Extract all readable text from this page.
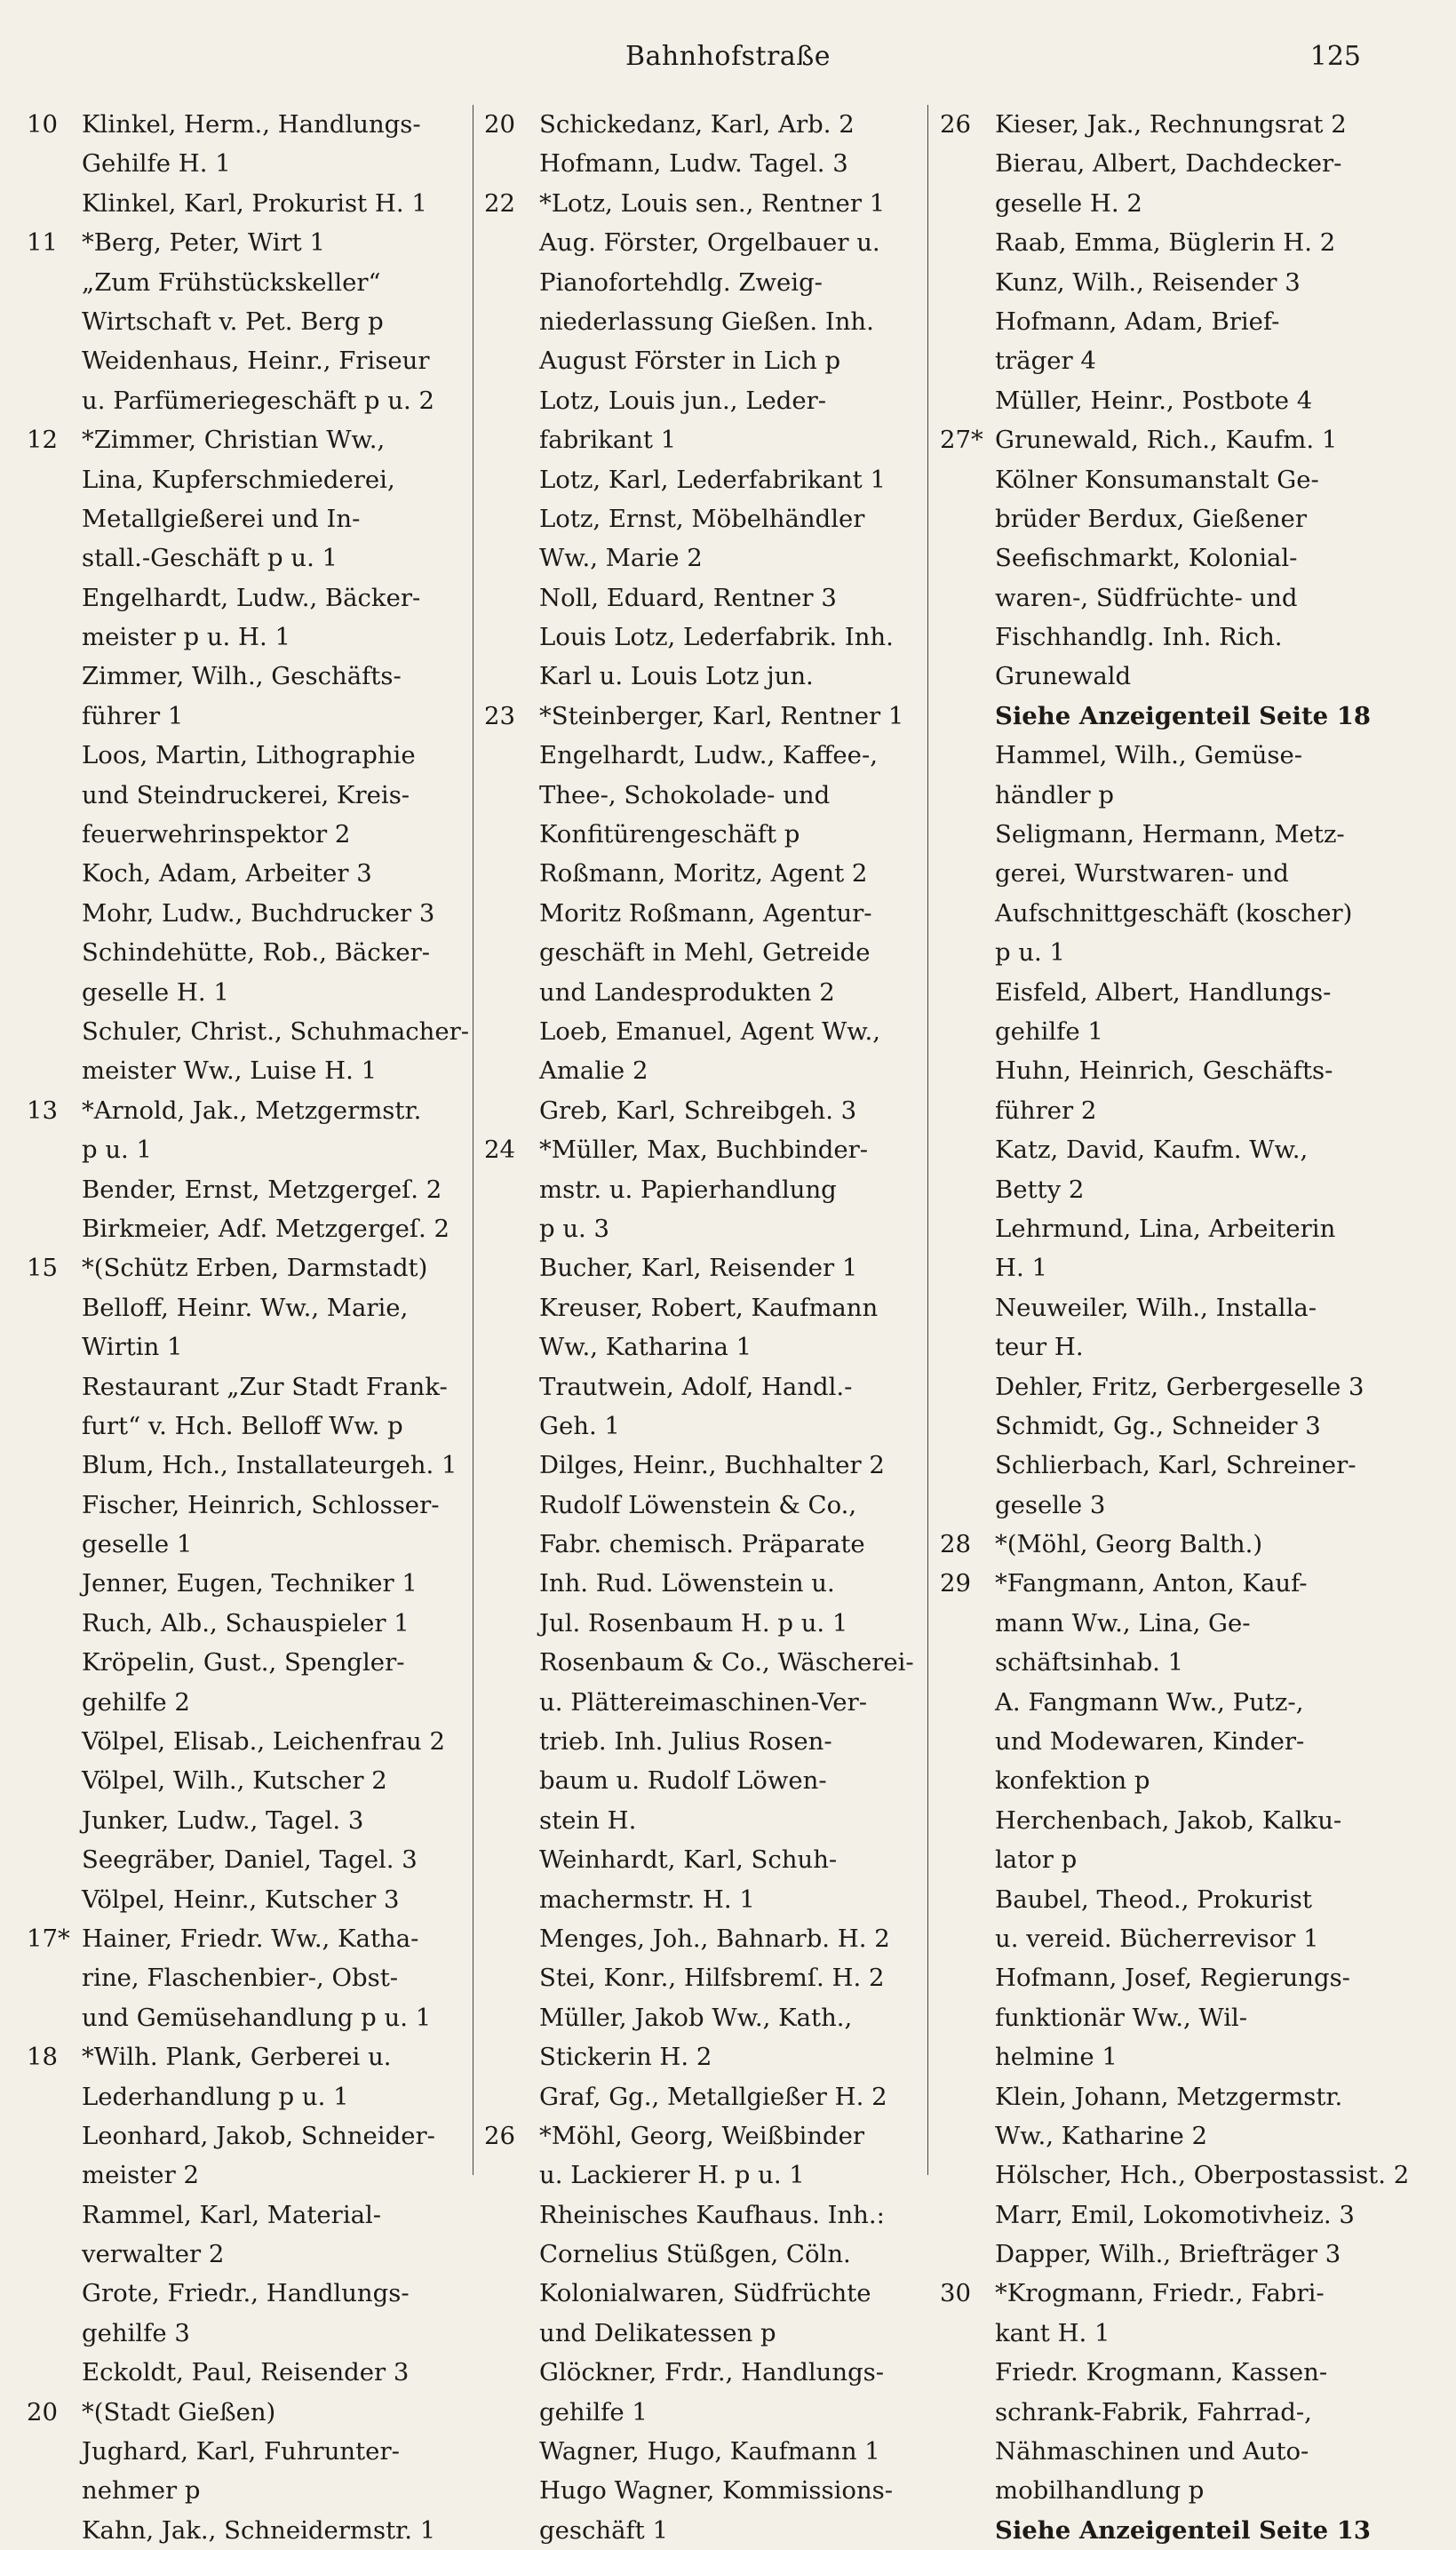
Bahnhofstraße	125
10 Klinkel, Herm., Handlungs-
Gehilfe H. 1
Klinkel, Karl, Prokurist H. 1
11 *Berg, Peter, Wirt 1
„Zum Frühstückskeller“
Wirtschaft v. Pet. Berg p
Weidenhaus, Heinr., Friseur
u. Parfümeriegeschäft p u. 2
12 *Zimmer, Christian Ww.,
Lina, Kupferschmiederei,
Metallgießerei und In-
stall.-Geschäft p u. 1
Engelhardt, Ludw., Bäcker-
meister p u. H. 1
Zimmer, Wilh., Geschäfts-
führer 1
Loos, Martin, Lithographie
und Steindruckerei, Kreis-
feuerwehrinspektor 2
Koch, Adam, Arbeiter 3
Mohr, Ludw., Buchdrucker 3
Schindehütte, Rob., Bäcker-
geselle H. 1
Schuler, Christ., Schuhmacher-
meister Ww., Luise H. 1
13 *Arnold, Jak., Metzgermstr.
p u. 1
Bender, Ernst, Metzgergeſ. 2
Birkmeier, Adf. Metzgergeſ. 2
15 *(Schütz Erben, Darmstadt)
Belloff, Heinr. Ww., Marie,
Wirtin 1
Restaurant „Zur Stadt Frank-
furt“ v. Hch. Belloff Ww. p
Blum, Hch., Installateurgeh. 1
Fischer, Heinrich, Schlosser-
geselle 1
Jenner, Eugen, Techniker 1
Ruch, Alb., Schauspieler 1
Kröpelin, Gust., Spengler-
gehilfe 2
Völpel, Elisab., Leichenfrau 2
Völpel, Wilh., Kutscher 2
Junker, Ludw., Tagel. 3
Seegräber, Daniel, Tagel. 3
Völpel, Heinr., Kutscher 3
17* Hainer, Friedr. Ww., Katha-
rine, Flaschenbier-, Obst-
und Gemüsehandlung p u. 1
18 *Wilh. Plank, Gerberei u.
Lederhandlung p u. 1
Leonhard, Jakob, Schneider-
meister 2
Rammel, Karl, Material-
verwalter 2
Grote, Friedr., Handlungs-
gehilfe 3
Eckoldt, Paul, Reisender 3
20 *(Stadt Gießen)
Jughard, Karl, Fuhrunter-
nehmer p
Kahn, Jak., Schneidermstr. 1
20 Schickedanz, Karl, Arb. 2
Hofmann, Ludw. Tagel. 3
22 *Lotz, Louis sen., Rentner 1
Aug. Förster, Orgelbauer u.
Pianofortehdlg. Zweig-
niederlassung Gießen. Inh.
August Förster in Lich p
Lotz, Louis jun., Leder-
fabrikant 1
Lotz, Karl, Lederfabrikant 1
Lotz, Ernst, Möbelhändler
Ww., Marie 2
Noll, Eduard, Rentner 3
Louis Lotz, Lederfabrik. Inh.
Karl u. Louis Lotz jun.
23 *Steinberger, Karl, Rentner 1
Engelhardt, Ludw., Kaffee-,
Thee-, Schokolade- und
Konfitürengeschäft p
Roßmann, Moritz, Agent 2
Moritz Roßmann, Agentur-
geschäft in Mehl, Getreide
und Landesprodukten 2
Loeb, Emanuel, Agent Ww.,
Amalie 2
Greb, Karl, Schreibgeh. 3
24 *Müller, Max, Buchbinder-
mstr. u. Papierhandlung
p u. 3
Bucher, Karl, Reisender 1
Kreuser, Robert, Kaufmann
Ww., Katharina 1
Trautwein, Adolf, Handl.-
Geh. 1
Dilges, Heinr., Buchhalter 2
Rudolf Löwenstein & Co.,
Fabr. chemisch. Präparate
Inh. Rud. Löwenstein u.
Jul. Rosenbaum H. p u. 1
Rosenbaum & Co., Wäscherei-
u. Plättereimaschinen-Ver-
trieb. Inh. Julius Rosen-
baum u. Rudolf Löwen-
stein H.
Weinhardt, Karl, Schuh-
machermstr. H. 1
Menges, Joh., Bahnarb. H. 2
Stei, Konr., Hilfsbremſ. H. 2
Müller, Jakob Ww., Kath.,
Stickerin H. 2
Graf, Gg., Metallgießer H. 2
26 *Möhl, Georg, Weißbinder
u. Lackierer H. p u. 1
Rheinisches Kaufhaus. Inh.:
Cornelius Stüßgen, Cöln.
Kolonialwaren, Südfrüchte
und Delikatessen p
Glöckner, Frdr., Handlungs-
gehilfe 1
Wagner, Hugo, Kaufmann 1
Hugo Wagner, Kommissions-
geschäft 1
26 Kieser, Jak., Rechnungsrat 2
Bierau, Albert, Dachdecker-
geselle H. 2
Raab, Emma, Büglerin H. 2
Kunz, Wilh., Reisender 3
Hofmann, Adam, Brief-
träger 4
Müller, Heinr., Postbote 4
27* Grunewald, Rich., Kaufm. 1
Kölner Konsumanstalt Ge-
brüder Berdux, Gießener
Seefischmarkt, Kolonial-
waren-, Südfrüchte- und
Fischhandlg. Inh. Rich.
Grunewald
Siehe Anzeigenteil Seite 18
Hammel, Wilh., Gemüse-
händler p
Seligmann, Hermann, Metz-
gerei, Wurstwaren- und
Aufschnittgeschäft (koscher)
p u. 1
Eisfeld, Albert, Handlungs-
gehilfe 1
Huhn, Heinrich, Geschäfts-
führer 2
Katz, David, Kaufm. Ww.,
Betty 2
Lehrmund, Lina, Arbeiterin
H. 1
Neuweiler, Wilh., Installa-
teur H.
Dehler, Fritz, Gerbergeselle 3
Schmidt, Gg., Schneider 3
Schlierbach, Karl, Schreiner-
geselle 3
28 *(Möhl, Georg Balth.)
29 *Fangmann, Anton, Kauf-
mann Ww., Lina, Ge-
schäftsinhab. 1
A. Fangmann Ww., Putz-,
und Modewaren, Kinder-
konfektion p
Herchenbach, Jakob, Kalku-
lator p
Baubel, Theod., Prokurist
u. vereid. Bücherrevisor 1
Hofmann, Josef, Regierungs-
funktionär Ww., Wil-
helmine 1
Klein, Johann, Metzgermstr.
Ww., Katharine 2
Hölscher, Hch., Oberpostassist. 2
Marr, Emil, Lokomotivheiz. 3
Dapper, Wilh., Briefträger 3
30 *Krogmann, Friedr., Fabri-
kant H. 1
Friedr. Krogmann, Kassen-
schrank-Fabrik, Fahrrad-,
Nähmaschinen und Auto-
mobilhandlung p
Siehe Anzeigenteil Seite 13
